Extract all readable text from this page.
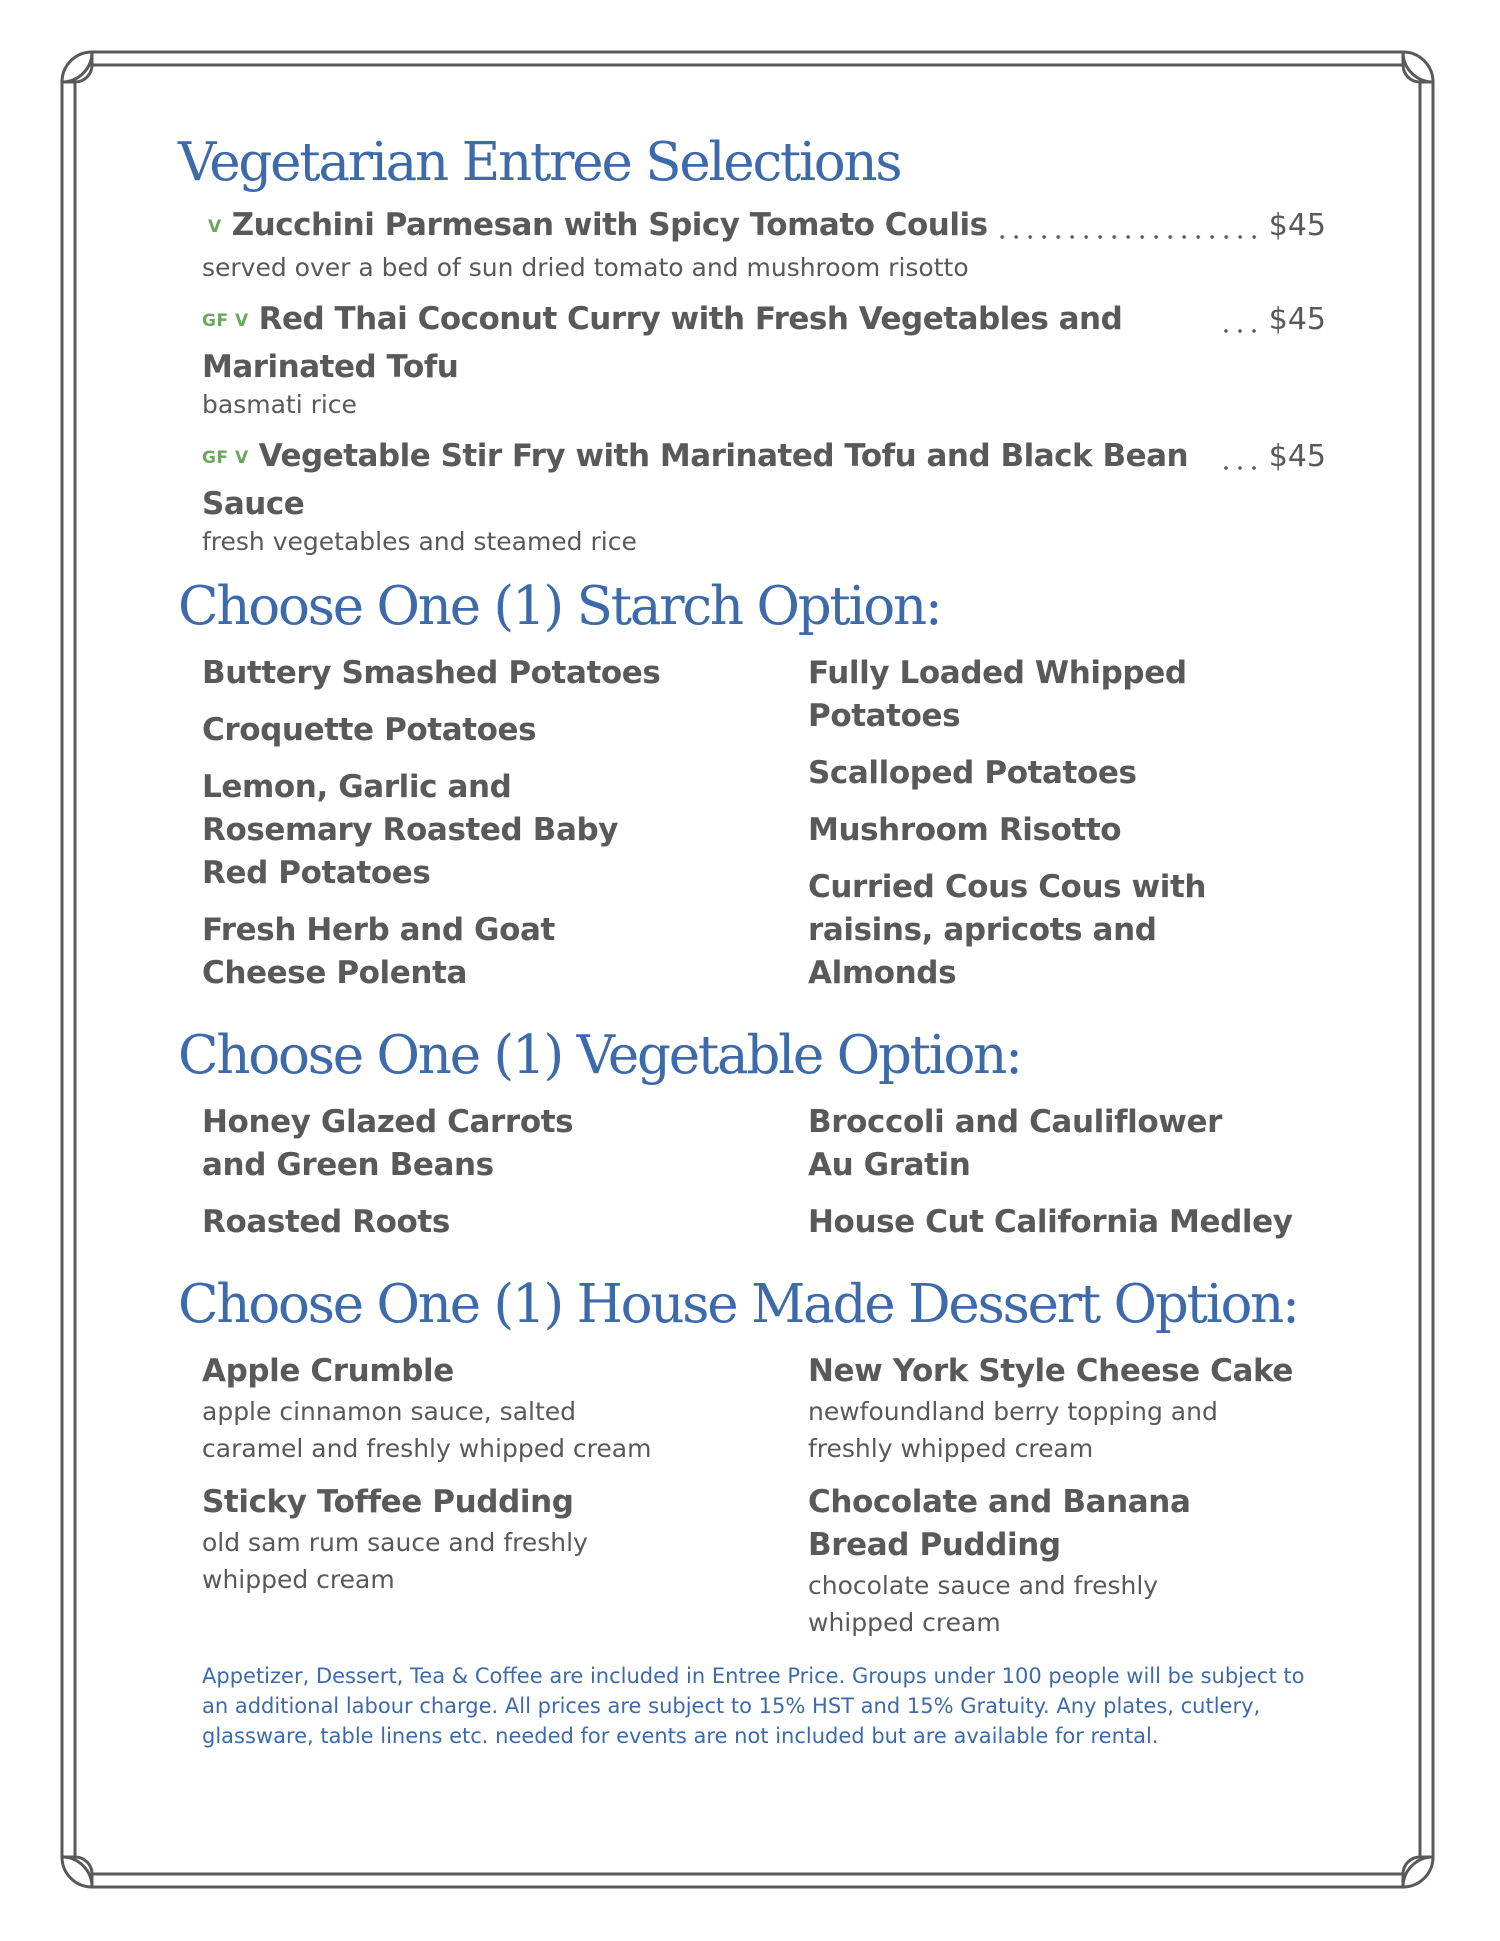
Vegetarian Entree Selections
V Zucchini Parmesan with Spicy Tomato Coulis	$45
served over a bed of sun dried tomato and mushroom risotto
GF V Red Thai Coconut Curry with Fresh Vegetables and Marinated Tofu
$45
basmati rice
GF V Vegetable Stir Fry with Marinated Tofu and Black Bean Sauce
$45
fresh vegetables and steamed rice
Choose One (1) Starch Option:
Buttery Smashed Potatoes
Croquette Potatoes
Lemon, Garlic and Rosemary Roasted Baby Red Potatoes
Fresh Herb and Goat Cheese Polenta
Fully Loaded Whipped Potatoes
Scalloped Potatoes
Mushroom Risotto
Curried Cous Cous with raisins, apricots and Almonds
Choose One (1) Vegetable Option:
Honey Glazed Carrots and Green Beans
Roasted Roots
Broccoli and Cauliflower Au Gratin
House Cut California Medley
Choose One (1) House Made Dessert Option:
Apple Crumble
apple cinnamon sauce, salted caramel and freshly whipped cream
Sticky Toffee Pudding
old sam rum sauce and freshly whipped cream
New York Style Cheese Cake
newfoundland berry topping and freshly whipped cream
Chocolate and Banana Bread Pudding
chocolate sauce and freshly whipped cream
Appetizer, Dessert, Tea & Coffee are included in Entree Price. Groups under 100 people will be subject to an additional labour charge. All prices are subject to 15% HST and 15% Gratuity. Any plates, cutlery, glassware, table linens etc. needed for events are not included but are available for rental.
